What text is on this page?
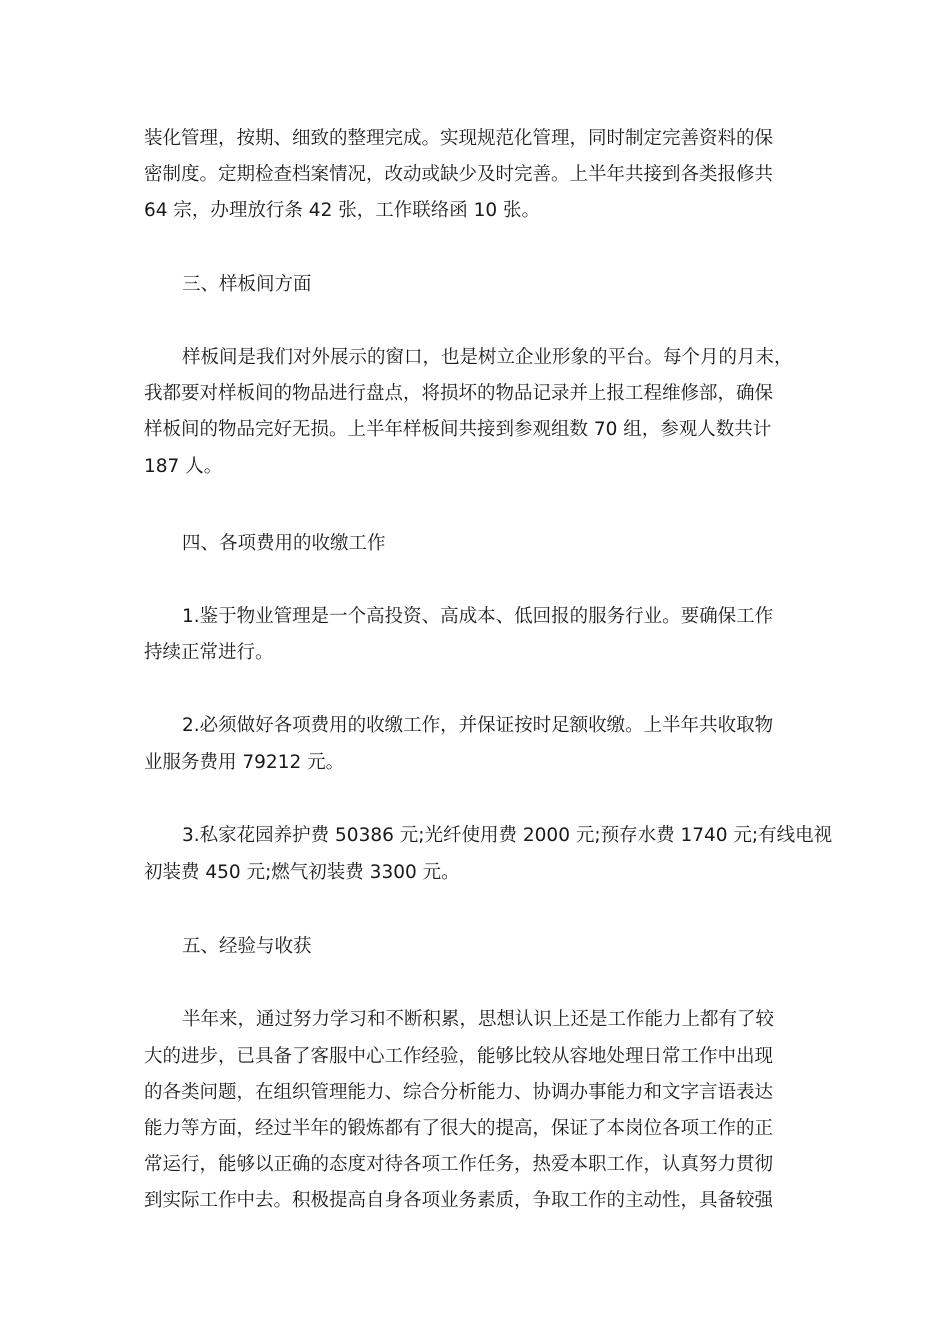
装化管理，按期、细致的整理完成。实现规范化管理，同时制定完善资料的保

密制度。定期检查档案情况，改动或缺少及时完善。上半年共接到各类报修共

64 宗，办理放行条 42 张，工作联络函 10 张。

三、样板间方面

样板间是我们对外展示的窗口，也是树立企业形象的平台。每个月的月末，

我都要对样板间的物品进行盘点，将损坏的物品记录并上报工程维修部，确保

样板间的物品完好无损。上半年样板间共接到参观组数 70 组，参观人数共计

187 人。

四、各项费用的收缴工作

1.鉴于物业管理是一个高投资、高成本、低回报的服务行业。要确保工作

持续正常进行。

2.必须做好各项费用的收缴工作，并保证按时足额收缴。上半年共收取物

业服务费用 79212 元。

3.私家花园养护费 50386 元;光纤使用费 2000 元;预存水费 1740 元;有线电视

初装费 450 元;燃气初装费 3300 元。

五、经验与收获

半年来，通过努力学习和不断积累，思想认识上还是工作能力上都有了较

大的进步，已具备了客服中心工作经验，能够比较从容地处理日常工作中出现

的各类问题，在组织管理能力、综合分析能力、协调办事能力和文字言语表达

能力等方面，经过半年的锻炼都有了很大的提高，保证了本岗位各项工作的正

常运行，能够以正确的态度对待各项工作任务，热爱本职工作，认真努力贯彻

到实际工作中去。积极提高自身各项业务素质，争取工作的主动性，具备较强
